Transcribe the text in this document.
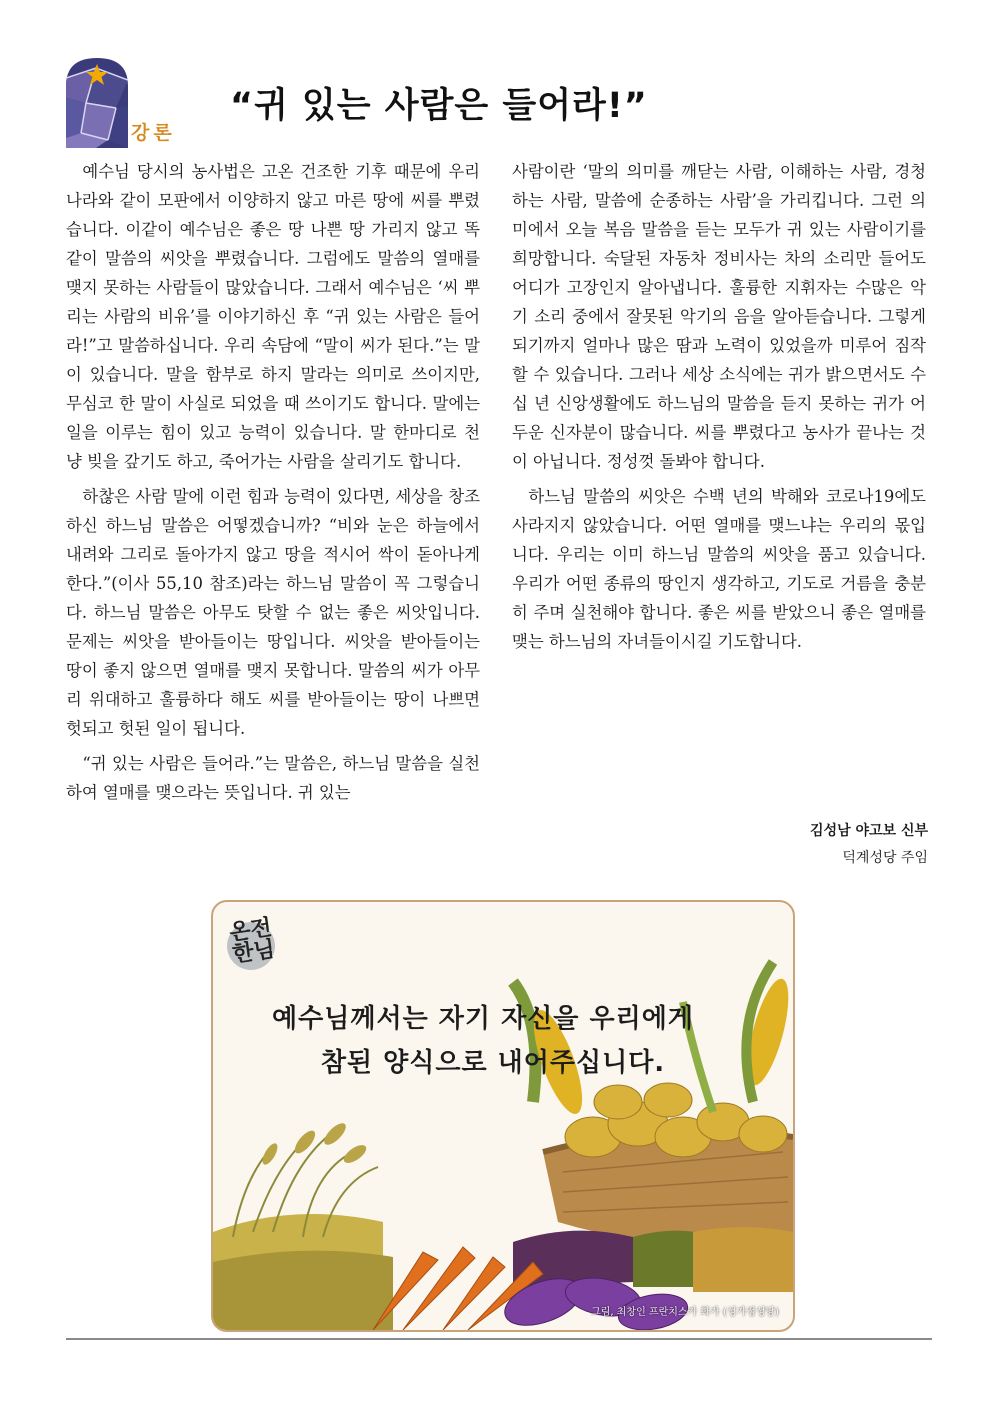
강론
“귀 있는 사람은 들어라!”

예수님 당시의 농사법은 고온 건조한 기후 때문에 우리나라와 같이 모판에서 이양하지 않고 마른 땅에 씨를 뿌렸습니다. 이같이 예수님은 좋은 땅 나쁜 땅 가리지 않고 똑같이 말씀의 씨앗을 뿌렸습니다. 그럼에도 말씀의 열매를 맺지 못하는 사람들이 많았습니다. 그래서 예수님은 ‘씨 뿌리는 사람의 비유’를 이야기하신 후 “귀 있는 사람은 들어라!”고 말씀하십니다. 우리 속담에 “말이 씨가 된다.”는 말이 있습니다. 말을 함부로 하지 말라는 의미로 쓰이지만, 무심코 한 말이 사실로 되었을 때 쓰이기도 합니다. 말에는 일을 이루는 힘이 있고 능력이 있습니다. 말 한마디로 천 냥 빚을 갚기도 하고, 죽어가는 사람을 살리기도 합니다.

하찮은 사람 말에 이런 힘과 능력이 있다면, 세상을 창조하신 하느님 말씀은 어떻겠습니까? “비와 눈은 하늘에서 내려와 그리로 돌아가지 않고 땅을 적시어 싹이 돋아나게 한다.”(이사 55,10 참조)라는 하느님 말씀이 꼭 그렇습니다. 하느님 말씀은 아무도 탓할 수 없는 좋은 씨앗입니다. 문제는 씨앗을 받아들이는 땅입니다. 씨앗을 받아들이는 땅이 좋지 않으면 열매를 맺지 못합니다. 말씀의 씨가 아무리 위대하고 훌륭하다 해도 씨를 받아들이는 땅이 나쁘면 헛되고 헛된 일이 됩니다.

“귀 있는 사람은 들어라.”는 말씀은, 하느님 말씀을 실천하여 열매를 맺으라는 뜻입니다. 귀 있는

사람이란 ‘말의 의미를 깨닫는 사람, 이해하는 사람, 경청하는 사람, 말씀에 순종하는 사람’을 가리킵니다. 그런 의미에서 오늘 복음 말씀을 듣는 모두가 귀 있는 사람이기를 희망합니다. 숙달된 자동차 정비사는 차의 소리만 들어도 어디가 고장인지 알아냅니다. 훌륭한 지휘자는 수많은 악기 소리 중에서 잘못된 악기의 음을 알아듣습니다. 그렇게 되기까지 얼마나 많은 땀과 노력이 있었을까 미루어 짐작할 수 있습니다. 그러나 세상 소식에는 귀가 밝으면서도 수십 년 신앙생활에도 하느님의 말씀을 듣지 못하는 귀가 어두운 신자분이 많습니다. 씨를 뿌렸다고 농사가 끝나는 것이 아닙니다. 정성껏 돌봐야 합니다.

하느님 말씀의 씨앗은 수백 년의 박해와 코로나19에도 사라지지 않았습니다. 어떤 열매를 맺느냐는 우리의 몫입니다. 우리는 이미 하느님 말씀의 씨앗을 품고 있습니다. 우리가 어떤 종류의 땅인지 생각하고, 기도로 거름을 충분히 주며 실천해야 합니다. 좋은 씨를 받았으니 좋은 열매를 맺는 하느님의 자녀들이시길 기도합니다.

김성남 야고보 신부
덕계성당 주임
온전
한님
예수님께서는 자기 자신을 우리에게
참된 양식으로 내어주십니다.
그림, 최창인 프란치스카 화가 (성가정성당)
